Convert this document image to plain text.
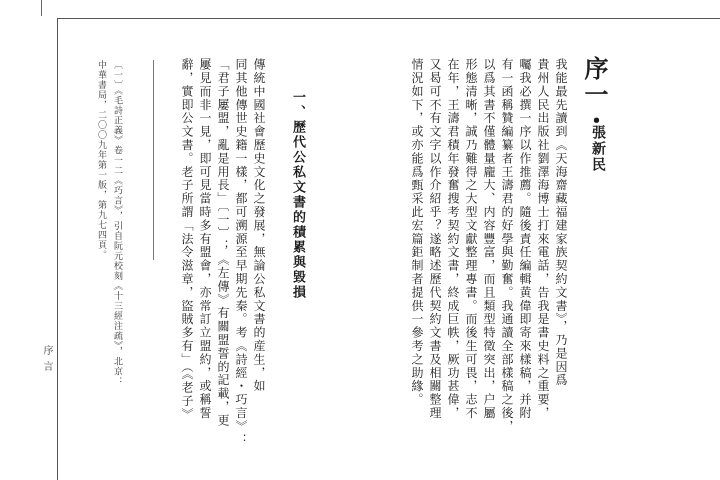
序言
序一・
張新民
我能最先讀到《天海齋藏福建家族契約文書》，乃是因爲
貴州人民出版社劉澤海博士打來電話，告我是書史料之重要，
囑我必撰一序以作推薦。隨後責任編輯黄偉即寄來樣稿，并附
有一函稱贊編纂者王濤君的好學與勤奮。我通讀全部樣稿之後，
以爲其書不僅體量龐大、内容豐富，而且類型特徵突出，户屬
形態清晰，誠乃難得之大型文獻整理專書。而後生可畏，志不
在年，王濤君積年發奮搜考契約文書，終成巨帙，厥功甚偉，
又曷可不有文字以作介紹乎？遂略述歷代契約文書及相關整理
情況如下，或亦能爲甄采此宏篇鉅制者提供一參考之助緣。
一、歷代公私文書的積累與毀損
傳統中國社會歷史文化之發展，無論公私文書的産生，如
同其他傳世史籍一樣，都可溯源至早期先秦。考《詩經・巧言》：
「君子屢盟，亂是用長」〔一〕；《左傳》有關盟誓的記載，更
屢見而非一見，即可見當時多有盟會，亦常訂立盟約，或稱誓
辭，實即公文書。老子所謂「法令滋章，盜賊多有」（《老子》
〔一〕《毛詩正義》卷一二《巧言》，引自阮元校刻《十三經注疏》，北京：
中華書局，二〇〇九年第一版，第九七四頁。
